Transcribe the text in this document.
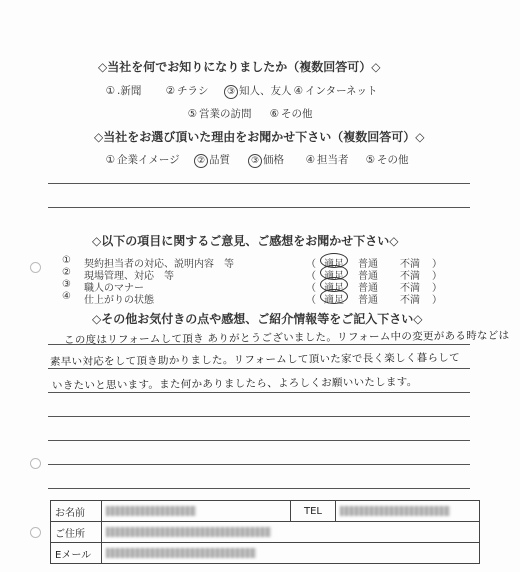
◇当社を何でお知りになりましたか（複数回答可）◇
① .新聞 ② チラシ	③ 知人、友人 ④ インターネット
⑤ 営業の訪問 ⑥ その他
◇当社をお選び頂いた理由をお聞かせ下さい（複数回答可）◇
① 企業イメージ	② 品質	③ 価格 ④ 担当者 ⑤ その他
◇以下の項目に関するご意見、ご感想をお聞かせ下さい◇
① 契約担当者の対応、説明内容　等	（ 適足 普通 不満 ）
② 現場管理、対応　等	（ 適足 普通 不満 ）
③ 職人のマナー	（ 適足 普通 不満 ）
④ 仕上がりの状態	（ 適足 普通 不満 ）
◇その他お気付きの点や感想、ご紹介情報等をご記入下さい◇
この度はリフォームして頂き ありがとうございました。リフォーム中の変更がある時などは
素早い対応をして頂き助かりました。リフォームして頂いた家で長く楽しく暮らして
いきたいと思います。また何かありましたら、よろしくお願いいたします。
お名前		TEL	
ご住所			
Eメール			
